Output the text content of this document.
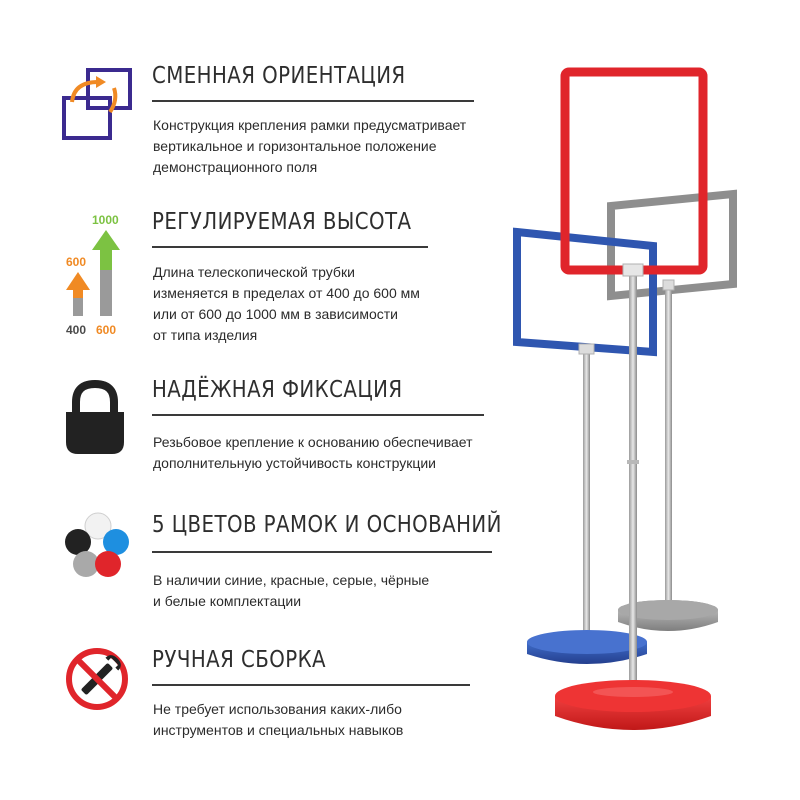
СМЕННАЯ ОРИЕНТАЦИЯ
Конструкция крепления рамки предусматривает
вертикальное и горизонтальное положение
демонстрационного поля
1000
600
400 600
РЕГУЛИРУЕМАЯ ВЫСОТА
Длина телескопической трубки
изменяется в пределах от 400 до 600 мм
или от 600 до 1000 мм в зависимости
от типа изделия
НАДЁЖНАЯ ФИКСАЦИЯ
Резьбовое крепление к основанию обеспечивает
дополнительную устойчивость конструкции
5 ЦВЕТОВ РАМОК И ОСНОВАНИЙ
В наличии синие, красные, серые, чёрные
и белые комплектации
РУЧНАЯ СБОРКА
Не требует использования каких-либо
инструментов и специальных навыков
